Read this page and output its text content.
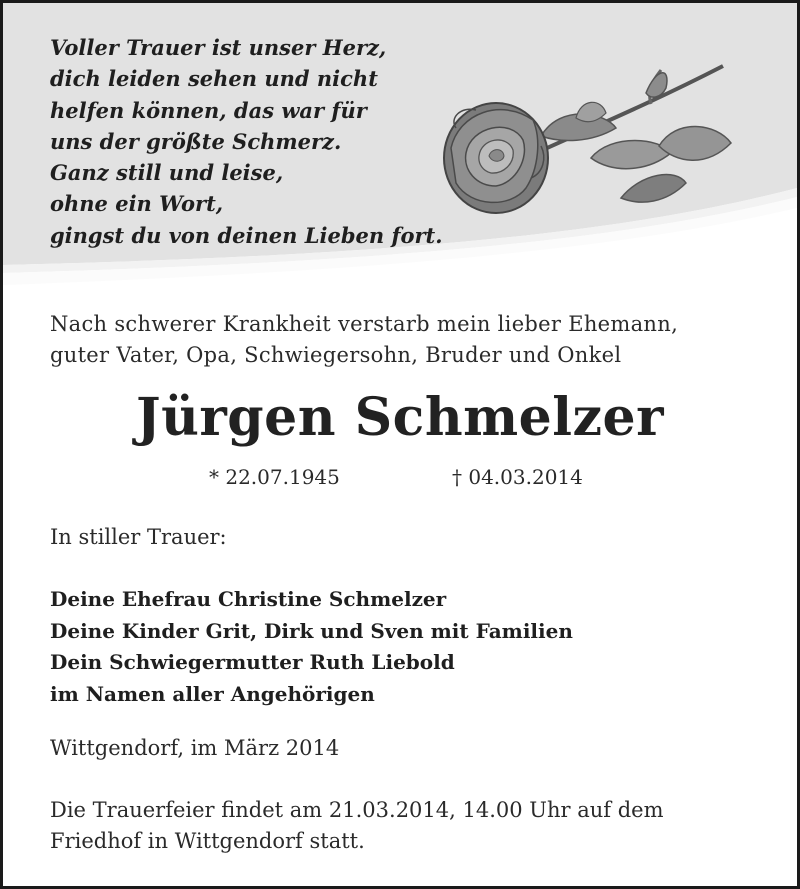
Voller Trauer ist unser Herz,
dich leiden sehen und nicht
helfen können, das war für
uns der größte Schmerz.
Ganz still und leise,
ohne ein Wort,
gingst du von deinen Lieben fort.
Nach schwerer Krankheit verstarb mein lieber Ehemann,
guter Vater, Opa, Schwiegersohn, Bruder und Onkel
Jürgen Schmelzer
* 22.07.1945	† 04.03.2014

In stiller Trauer:

Deine Ehefrau Christine Schmelzer
Deine Kinder Grit, Dirk und Sven mit Familien
Dein Schwiegermutter Ruth Liebold
im Namen aller Angehörigen

Wittgendorf, im März 2014

Die Trauerfeier findet am 21.03.2014, 14.00 Uhr auf dem
Friedhof in Wittgendorf statt.
